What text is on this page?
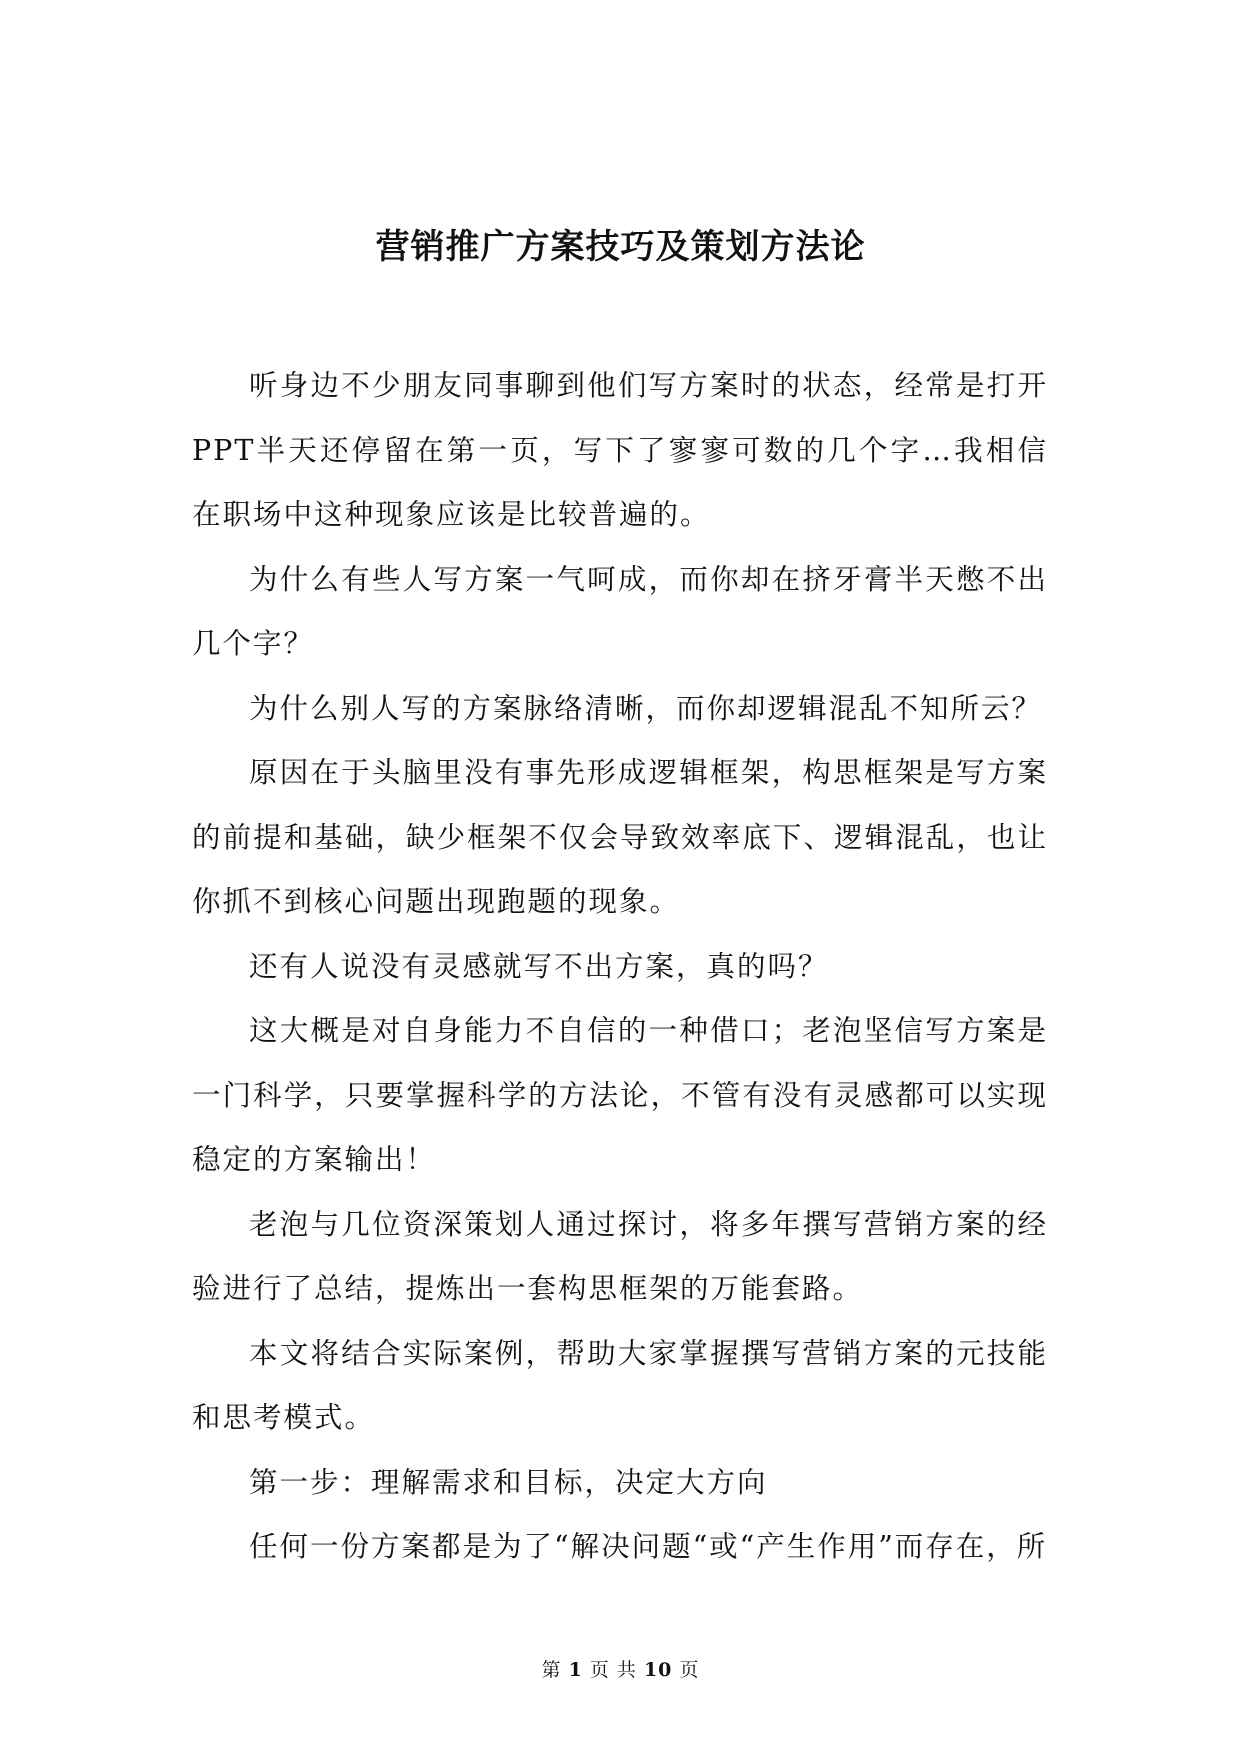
营销推广方案技巧及策划方法论

听身边不少朋友同事聊到他们写方案时的状态，经常是打开PPT半天还停留在第一页，写下了寥寥可数的几个字…我相信在职场中这种现象应该是比较普遍的。

为什么有些人写方案一气呵成，而你却在挤牙膏半天憋不出几个字？

为什么别人写的方案脉络清晰，而你却逻辑混乱不知所云？

原因在于头脑里没有事先形成逻辑框架，构思框架是写方案的前提和基础，缺少框架不仅会导致效率底下、逻辑混乱，也让你抓不到核心问题出现跑题的现象。

还有人说没有灵感就写不出方案，真的吗？

这大概是对自身能力不自信的一种借口；老泡坚信写方案是一门科学，只要掌握科学的方法论，不管有没有灵感都可以实现稳定的方案输出！

老泡与几位资深策划人通过探讨，将多年撰写营销方案的经验进行了总结，提炼出一套构思框架的万能套路。

本文将结合实际案例，帮助大家掌握撰写营销方案的元技能和思考模式。

第一步：理解需求和目标，决定大方向

任何一份方案都是为了“解决问题“或“产生作用”而存在，所

第 1 页 共 10 页
